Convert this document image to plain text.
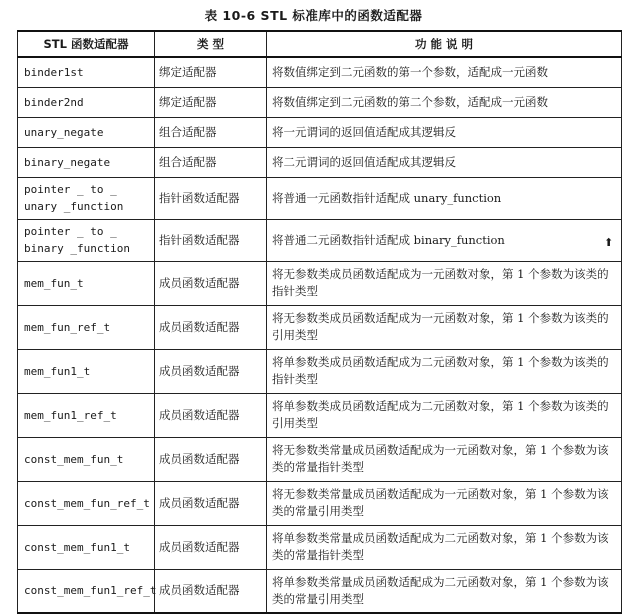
表 10-6 STL 标准库中的函数适配器
STL 函数适配器	类 型	功 能 说 明
binder1st	绑定适配器	将数值绑定到二元函数的第一个参数，适配成一元函数
binder2nd	绑定适配器	将数值绑定到二元函数的第二个参数，适配成一元函数
unary_negate	组合适配器	将一元谓词的返回值适配成其逻辑反
binary_negate	组合适配器	将二元谓词的返回值适配成其逻辑反
pointer _ to _ unary _function	指针函数适配器	将普通一元函数指针适配成 unary_function
pointer _ to _ binary _function	指针函数适配器	将普通二元函数指针适配成 binary_function
mem_fun_t	成员函数适配器	将无参数类成员函数适配成为一元函数对象，第 1 个参数为该类的指针类型
mem_fun_ref_t	成员函数适配器	将无参数类成员函数适配成为一元函数对象，第 1 个参数为该类的引用类型
mem_fun1_t	成员函数适配器	将单参数类成员函数适配成为二元函数对象，第 1 个参数为该类的指针类型
mem_fun1_ref_t	成员函数适配器	将单参数类成员函数适配成为二元函数对象，第 1 个参数为该类的引用类型
const_mem_fun_t	成员函数适配器	将无参数类常量成员函数适配成为一元函数对象，第 1 个参数为该类的常量指针类型
const_mem_fun_ref_t	成员函数适配器	将无参数类常量成员函数适配成为一元函数对象，第 1 个参数为该类的常量引用类型
const_mem_fun1_t	成员函数适配器	将单参数类常量成员函数适配成为二元函数对象，第 1 个参数为该类的常量指针类型
const_mem_fun1_ref_t	成员函数适配器	将单参数类常量成员函数适配成为二元函数对象，第 1 个参数为该类的常量引用类型
⬆
